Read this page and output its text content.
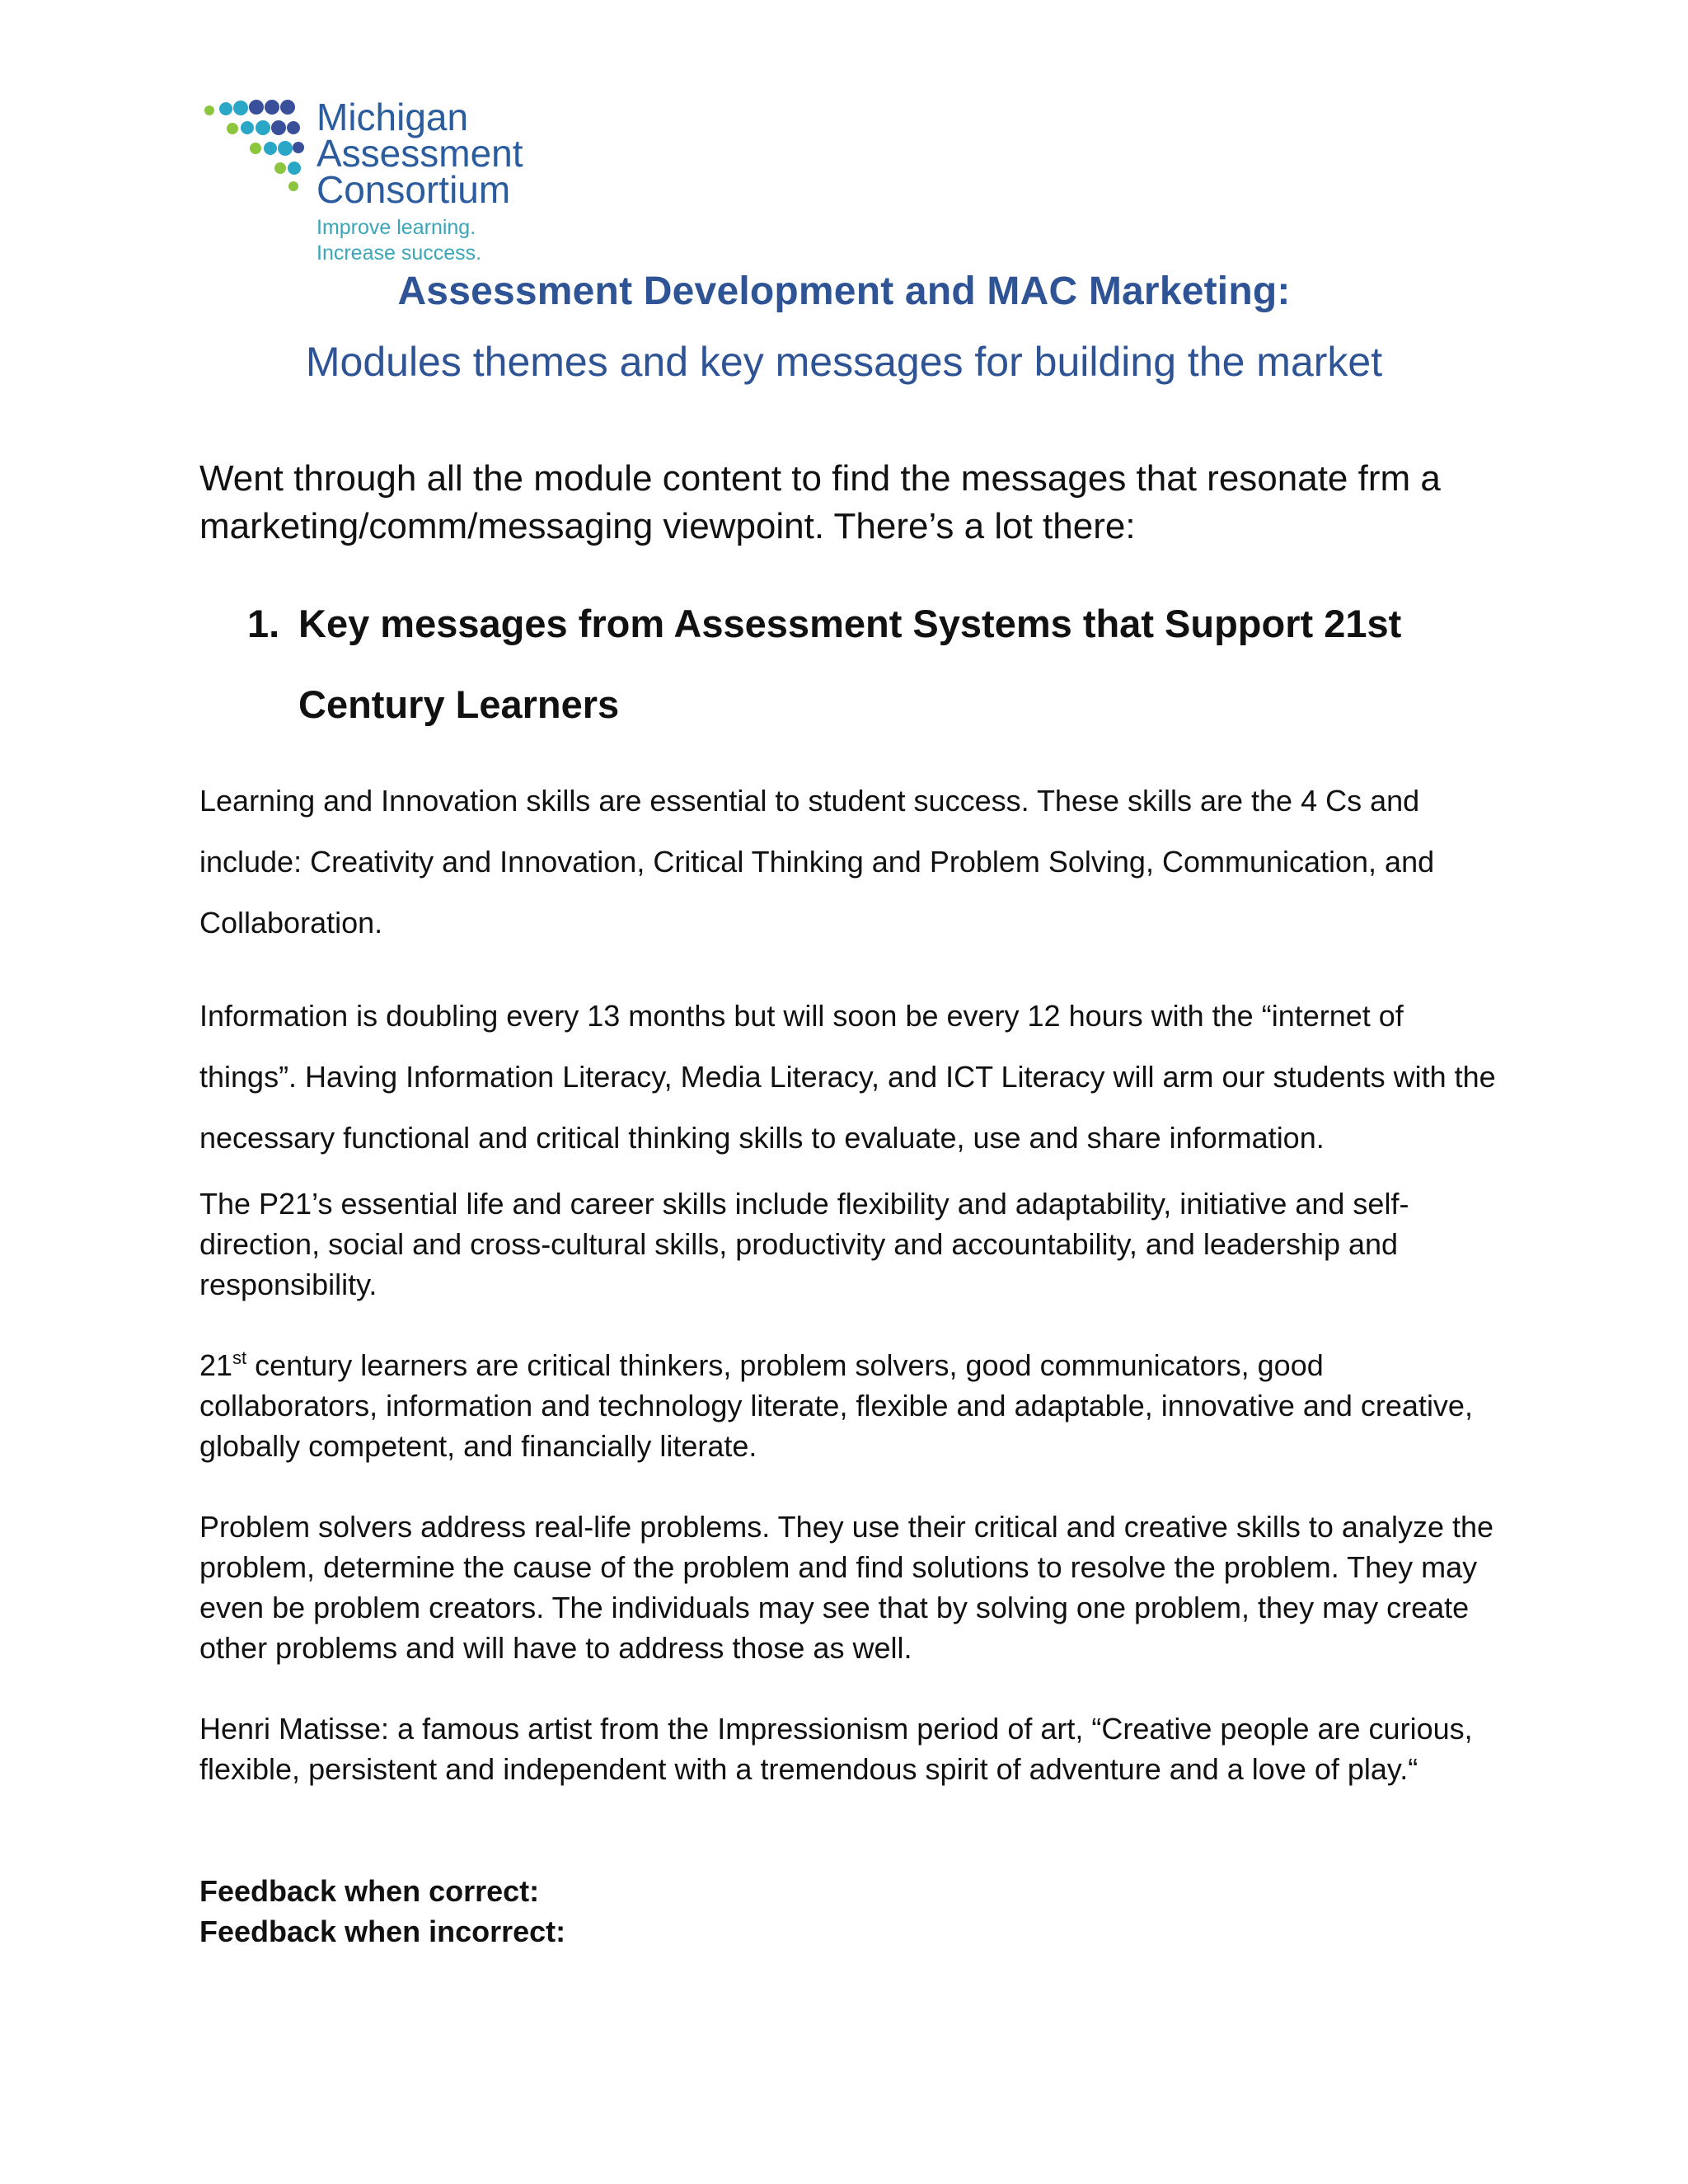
Michigan
Assessment
Consortium
Improve learning.
Increase success.
Assessment Development and MAC Marketing:
Modules themes and key messages for building the market

Went through all the module content to find the messages that resonate frm a marketing/comm/messaging viewpoint. There’s a lot there:

1. Key messages from Assessment Systems that Support 21st Century Learners

Learning and Innovation skills are essential to student success. These skills are the 4 Cs and include: Creativity and Innovation, Critical Thinking and Problem Solving, Communication, and Collaboration.

Information is doubling every 13 months but will soon be every 12 hours with the “internet of things”. Having Information Literacy, Media Literacy, and ICT Literacy will arm our students with the necessary functional and critical thinking skills to evaluate, use and share information.

The P21’s essential life and career skills include flexibility and adaptability, initiative and self-direction, social and cross-cultural skills, productivity and accountability, and leadership and responsibility.

21st century learners are critical thinkers, problem solvers, good communicators, good collaborators, information and technology literate, flexible and adaptable, innovative and creative, globally competent, and financially literate.

Problem solvers address real-life problems. They use their critical and creative skills to analyze the problem, determine the cause of the problem and find solutions to resolve the problem. They may even be problem creators. The individuals may see that by solving one problem, they may create other problems and will have to address those as well.

Henri Matisse: a famous artist from the Impressionism period of art, “Creative people are curious, flexible, persistent and independent with a tremendous spirit of adventure and a love of play.“

Feedback when correct:

Feedback when incorrect:
